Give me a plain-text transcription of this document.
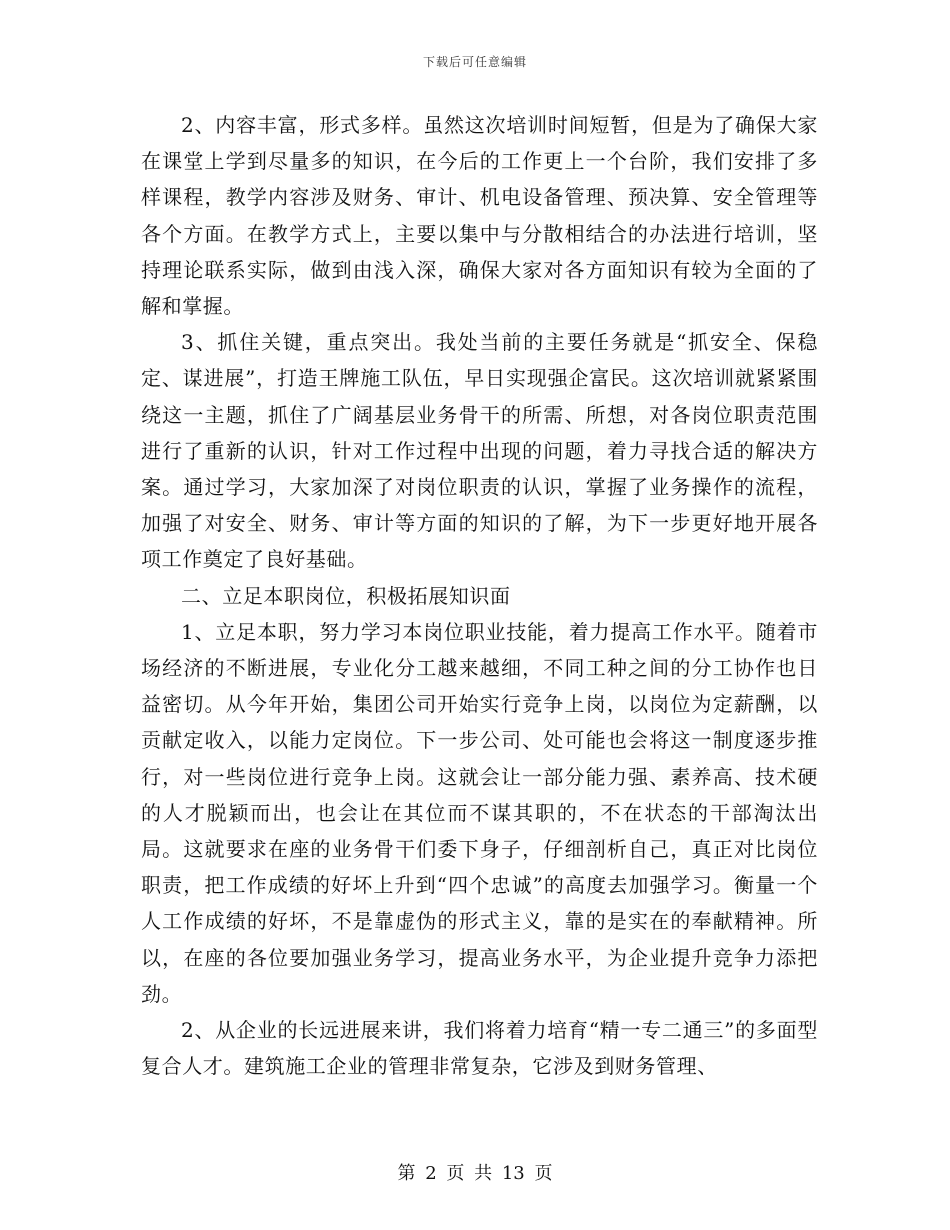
下载后可任意编辑

2、内容丰富，形式多样。虽然这次培训时间短暂，但是为了确保大家在课堂上学到尽量多的知识，在今后的工作更上一个台阶，我们安排了多样课程，教学内容涉及财务、审计、机电设备管理、预决算、安全管理等各个方面。在教学方式上，主要以集中与分散相结合的办法进行培训，坚持理论联系实际，做到由浅入深，确保大家对各方面知识有较为全面的了解和掌握。

3、抓住关键，重点突出。我处当前的主要任务就是“抓安全、保稳定、谋进展”，打造王牌施工队伍，早日实现强企富民。这次培训就紧紧围绕这一主题，抓住了广阔基层业务骨干的所需、所想，对各岗位职责范围进行了重新的认识，针对工作过程中出现的问题，着力寻找合适的解决方案。通过学习，大家加深了对岗位职责的认识，掌握了业务操作的流程，加强了对安全、财务、审计等方面的知识的了解，为下一步更好地开展各项工作奠定了良好基础。

二、立足本职岗位，积极拓展知识面

1、立足本职，努力学习本岗位职业技能，着力提高工作水平。随着市场经济的不断进展，专业化分工越来越细，不同工种之间的分工协作也日益密切。从今年开始，集团公司开始实行竞争上岗，以岗位为定薪酬，以贡献定收入，以能力定岗位。下一步公司、处可能也会将这一制度逐步推行，对一些岗位进行竞争上岗。这就会让一部分能力强、素养高、技术硬的人才脱颖而出，也会让在其位而不谋其职的，不在状态的干部淘汰出局。这就要求在座的业务骨干们委下身子，仔细剖析自己，真正对比岗位职责，把工作成绩的好坏上升到“四个忠诚”的高度去加强学习。衡量一个人工作成绩的好坏，不是靠虚伪的形式主义，靠的是实在的奉献精神。所以，在座的各位要加强业务学习，提高业务水平，为企业提升竞争力添把劲。

2、从企业的长远进展来讲，我们将着力培育“精一专二通三”的多面型复合人才。建筑施工企业的管理非常复杂，它涉及到财务管理、

第 2 页 共 13 页
